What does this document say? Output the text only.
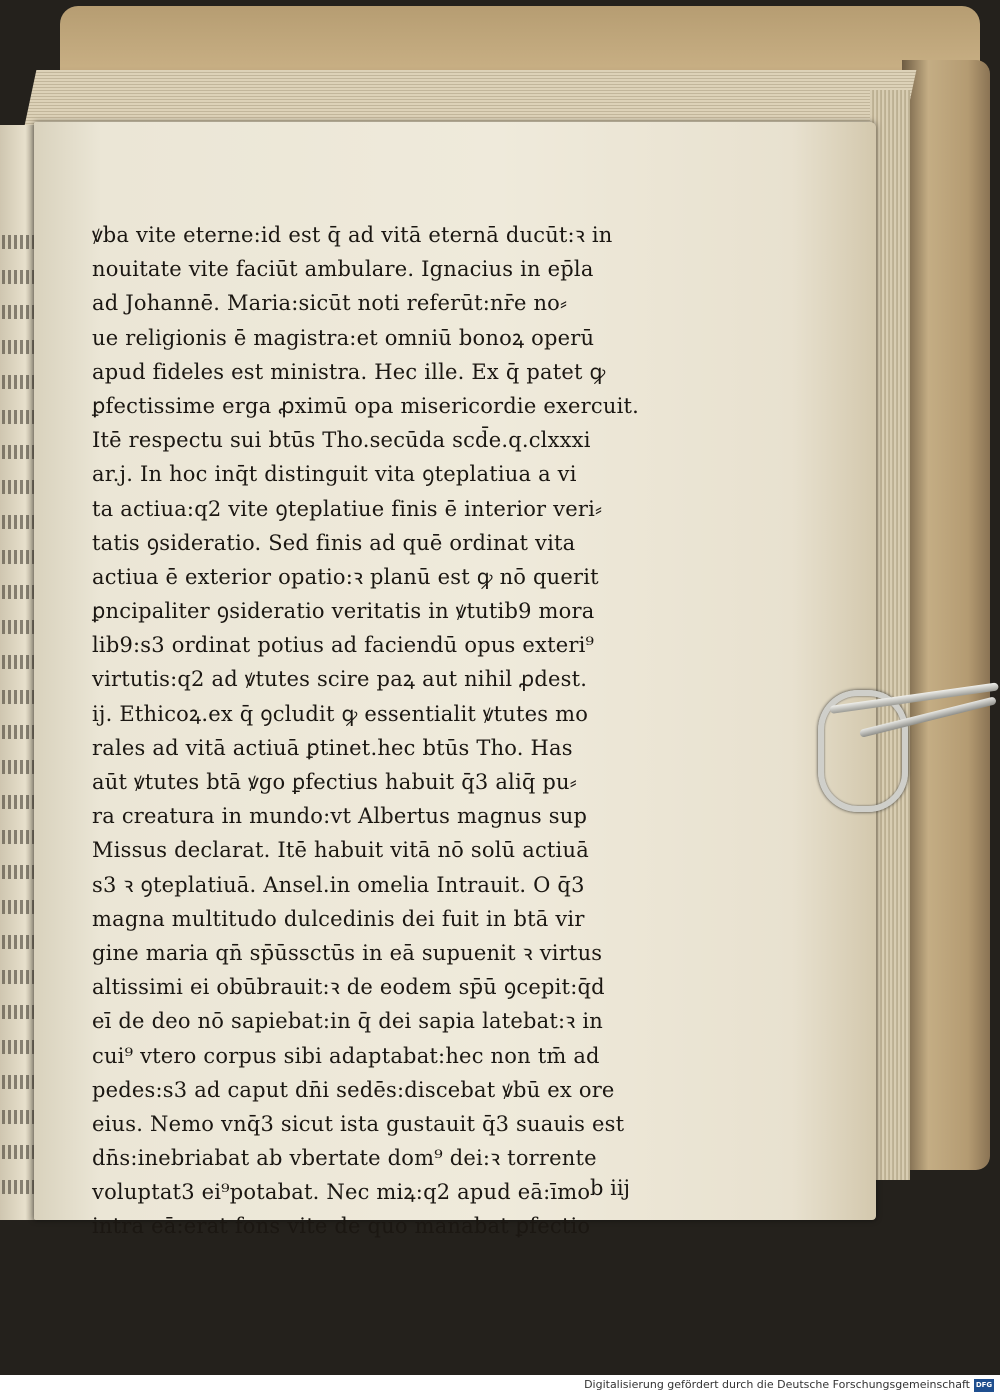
ꝟba vite eterne:id est q̄ ad vitā eternā ducūt:ꝛ in
nouitate vite faciūt ambulare. Ignacius in ep̄la
ad Johannē. Maria:sicūt noti referūt:nr̄e no⸗
ue religionis ē magistra:et omniū bonoꝝ operū
apud fideles est ministra. Hec ille. Ex q̄ patet ꝙ
ꝑfectissime erga ꝓximū opa misericordie exercuit.
Itē respectu sui btūs Tho.secūda scd̄e.q.clxxxi
ar.j. In hoc inq̄t distinguit vita ꝯteplatiua a vi
ta actiua:q2 vite ꝯteplatiue finis ē interior veri⸗
tatis ꝯsideratio. Sed finis ad quē ordinat vita
actiua ē exterior opatio:ꝛ planū est ꝙ nō querit
ꝑncipaliter ꝯsideratio veritatis in ꝟtutib9 mora
lib9:s3 ordinat potius ad faciendū opus exteri⁹
virtutis:q2 ad ꝟtutes scire paꝝ aut nihil ꝓdest.
ij. Ethicoꝝ.ex q̄ ꝯcludit ꝙ essentialit ꝟtutes mo
rales ad vitā actiuā ꝑtinet.hec btūs Tho. Has
aūt ꝟtutes btā ꝟgo ꝑfectius habuit q̄3 aliq̄ pu⸗
ra creatura in mundo:vt Albertus magnus sup
Missus declarat. Itē habuit vitā nō solū actiuā
s3 ꝛ ꝯteplatiuā. Ansel.in omelia Intrauit. O q̄3
magna multitudo dulcedinis dei fuit in btā vir
gine maria qn̄ sp̄ūssctūs in eā supuenit ꝛ virtus
altissimi ei obūbrauit:ꝛ de eodem sp̄ū ꝯcepit:q̄d
eī de deo nō sapiebat:in q̄ dei sapia latebat:ꝛ in
cui⁹ vtero corpus sibi adaptabat:hec non tm̄ ad
pedes:s3 ad caput dn̄i sedēs:discebat ꝟbū ex ore
eius. Nemo vnq̄3 sicut ista gustauit q̄3 suauis est
dn̄s:inebriabat ab vbertate dom⁹ dei:ꝛ torrente
voluptat3 ei⁹potabat. Nec miꝝ:q2 apud eā:īmo
intra eā:erat fons vite de quo manabat ꝑfectio
b iij
Digitalisierung gefördert durch die Deutsche Forschungsgemeinschaft DFG
